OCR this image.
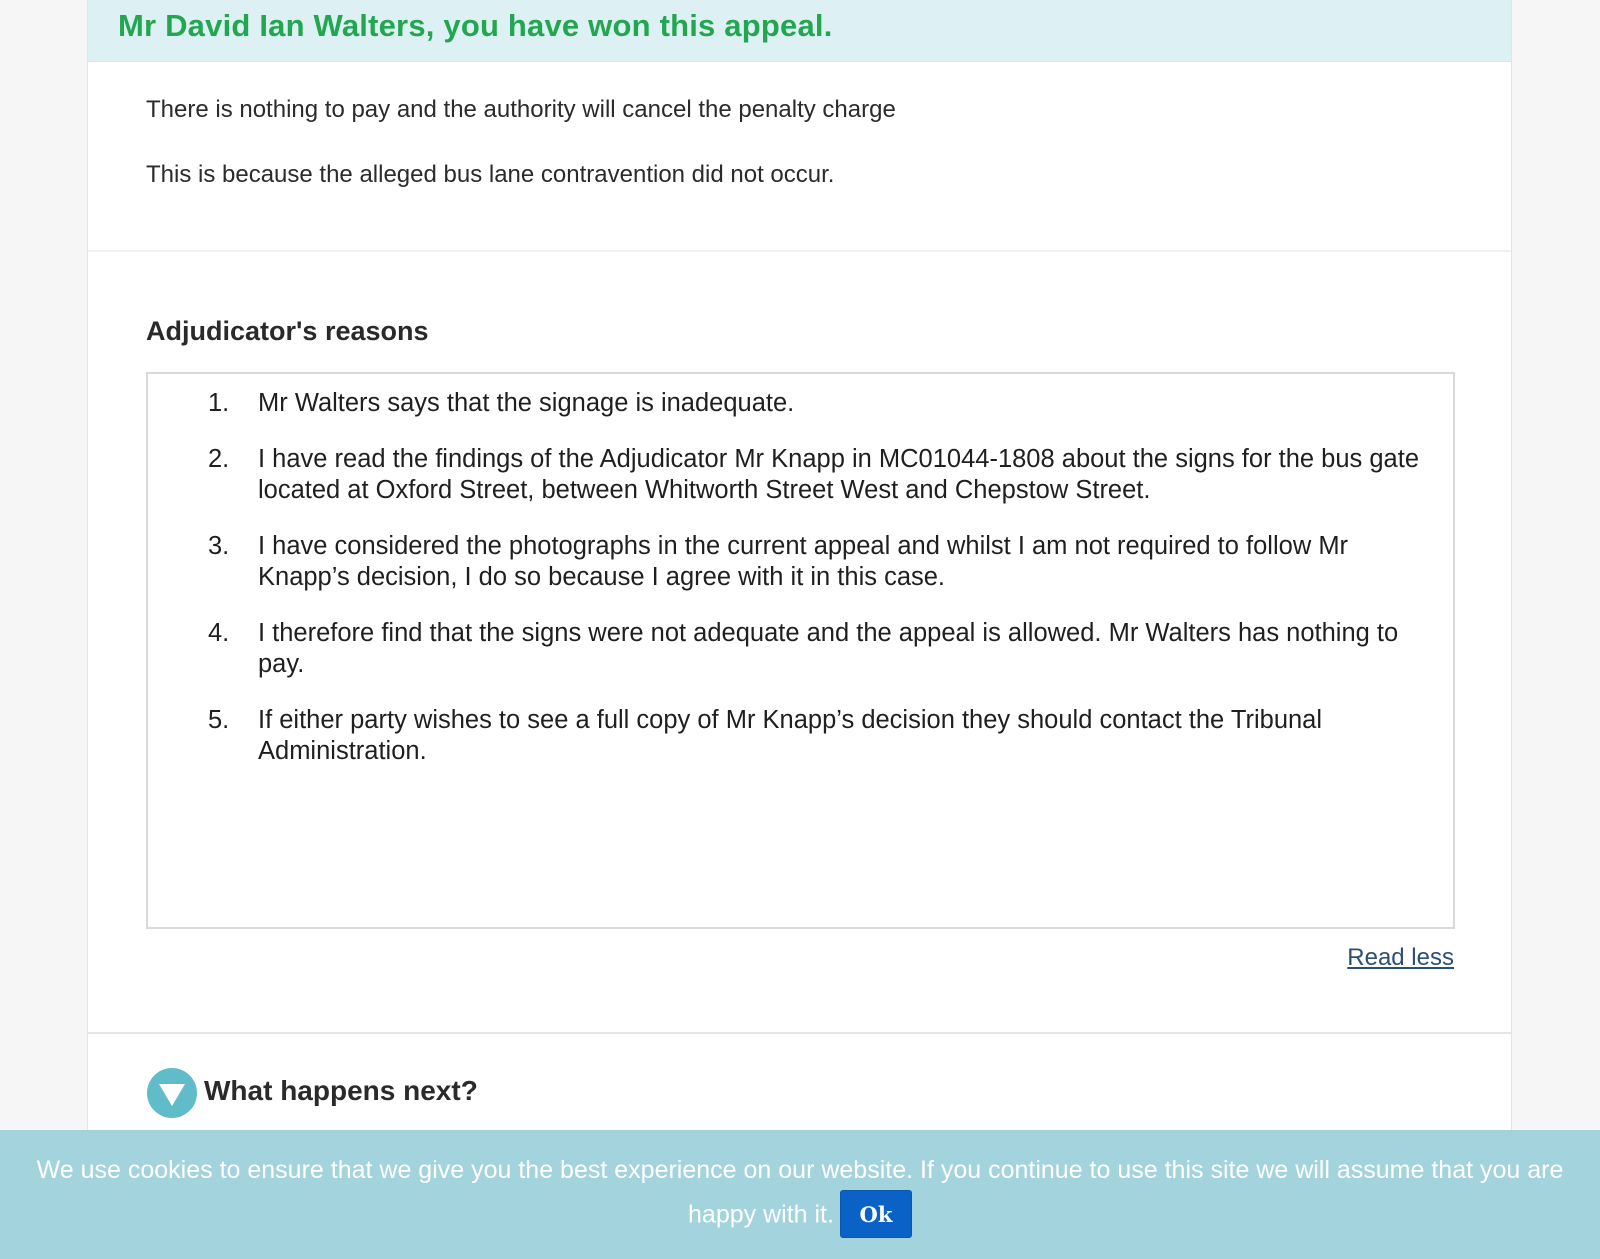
Mr David Ian Walters, you have won this appeal.

There is nothing to pay and the authority will cancel the penalty charge

This is because the alleged bus lane contravention did not occur.

Adjudicator's reasons
1. Mr Walters says that the signage is inadequate.
2. I have read the findings of the Adjudicator Mr Knapp in MC01044-1808 about the signs for the bus gate located at Oxford Street, between Whitworth Street West and Chepstow Street.
3. I have considered the photographs in the current appeal and whilst I am not required to follow Mr Knapp’s decision, I do so because I agree with it in this case.
4. I therefore find that the signs were not adequate and the appeal is allowed. Mr Walters has nothing to pay.
5. If either party wishes to see a full copy of Mr Knapp’s decision they should contact the Tribunal Administration.
Read less
What happens next?

We use cookies to ensure that we give you the best experience on our website. If you continue to use this site we will assume that you are happy with it. Ok
